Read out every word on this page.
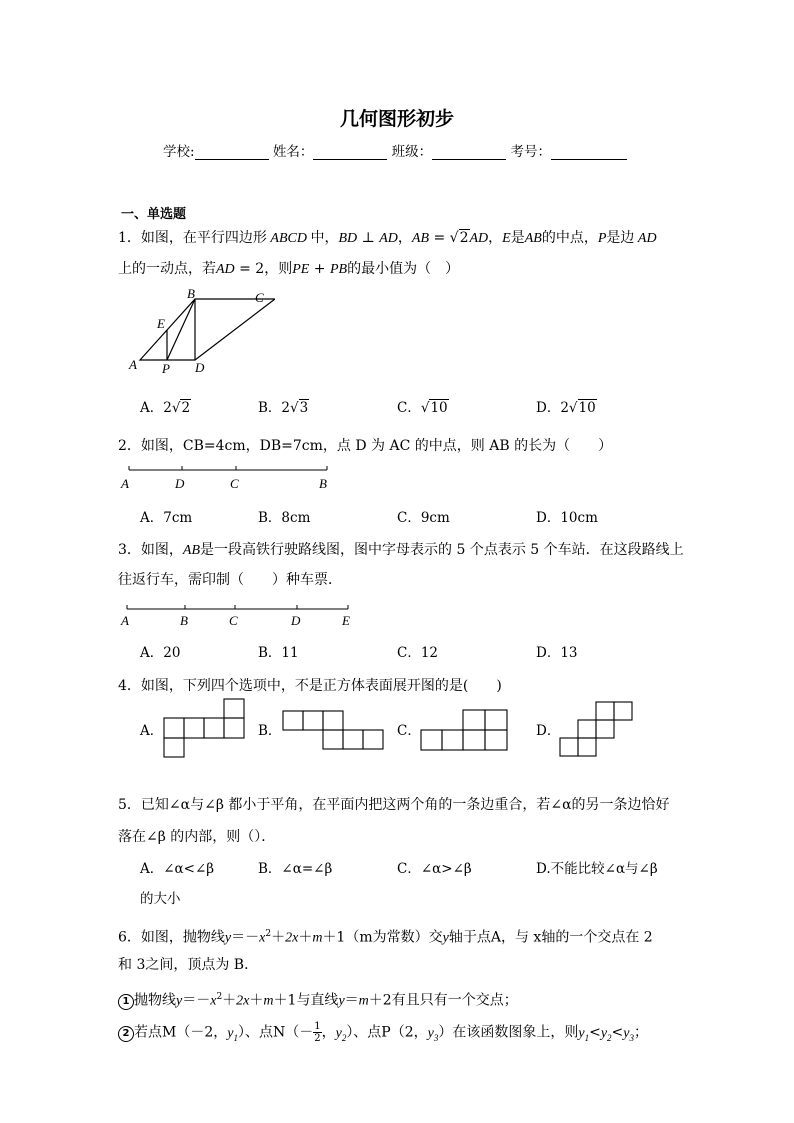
几何图形初步
学校:	姓名：	班级：	考号：
一、单选题
1．如图，在平行四边形 ABCD 中，BD ⊥ AD，AB = √2AD，E是AB的中点，P是边 AD
上的一动点，若AD = 2，则PE + PB的最小值为（　）
A
B	C
D
E
P
A．2√2	B．2√3	C．√10	D．2√10
2．如图，CB=4cm，DB=7cm，点 D 为 AC 的中点，则 AB 的长为（　　）
A	D	C	B
A．7cm	B．8cm	C．9cm	D．10cm
3．如图，AB是一段高铁行驶路线图，图中字母表示的 5 个点表示 5 个车站．在这段路线上
往返行车，需印制（　　）种车票．
A	B	C	D	E
A．20	B．11	C．12	D．13
4．如图，下列四个选项中，不是正方体表面展开图的是(　　)
A．	B．	C．	D．
5．已知∠α与∠β 都小于平角，在平面内把这两个角的一条边重合，若∠α的另一条边恰好
落在∠β 的内部，则（）．
A．∠α<∠β	B．∠α=∠β	C．∠α>∠β	D.不能比较∠α与∠β
的大小
6．如图，抛物线$y=-x^2+2x+m+1(m$为常数）交y轴于点A，与 x轴的一个交点在 2
和 3之间，顶点为 B．
1 抛物线$y=-x^2+2x+m+1$与直线y＝m＋2有且只有一个交点；
2 若点M（－2，$y_1$）、点$N(- \frac{1}{2}$ ，$y_2$）、点P（2，$y_3$）在该函数图象上，则$y_1<y_2<y_3$；
